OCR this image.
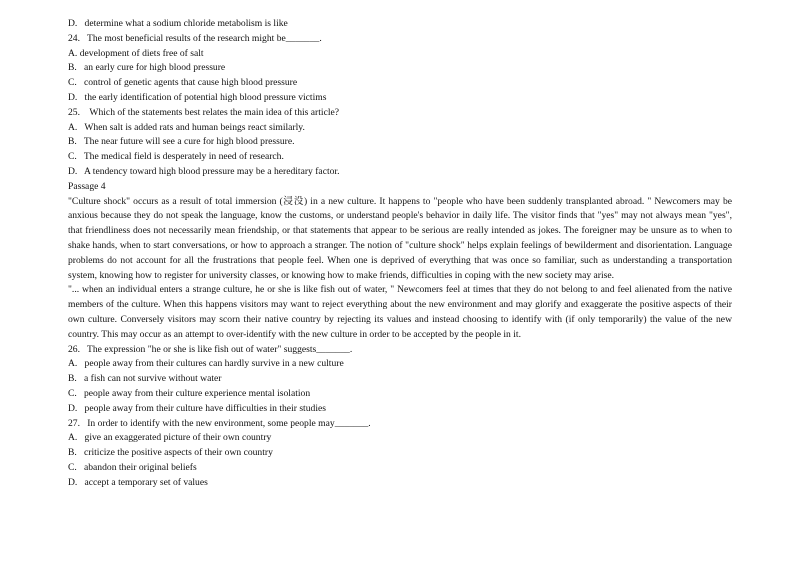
D.   determine what a sodium chloride metabolism is like
24.   The most beneficial results of the research might be_______.
A. development of diets free of salt
B.   an early cure for high blood pressure
C.   control of genetic agents that cause high blood pressure
D.   the early identification of potential high blood pressure victims
25.    Which of the statements best relates the main idea of this article?
A.   When salt is added rats and human beings react similarly.
B.   The near future will see a cure for high blood pressure.
C.   The medical field is desperately in need of research.
D.   A tendency toward high blood pressure may be a hereditary factor.
Passage 4
"Culture shock" occurs as a result of total immersion (浸没) in a new culture. It happens to "people who have been suddenly transplanted abroad. " Newcomers may be anxious because they do not speak the language, know the customs, or understand people's behavior in daily life. The visitor finds that "yes" may not always mean "yes", that friendliness does not necessarily mean friendship, or that statements that appear to be serious are really intended as jokes. The foreigner may be unsure as to when to shake hands, when to start conversations, or how to approach a stranger. The notion of "culture shock" helps explain feelings of bewilderment and disorientation. Language problems do not account for all the frustrations that people feel. When one is deprived of everything that was once so familiar, such as understanding a transportation system, knowing how to register for university classes, or knowing how to make friends, difficulties in coping with the new society may arise.
"... when an individual enters a strange culture, he or she is like fish out of water, " Newcomers feel at times that they do not belong to and feel alienated from the native members of the culture. When this happens visitors may want to reject everything about the new environment and may glorify and exaggerate the positive aspects of their own culture. Conversely visitors may scorn their native country by rejecting its values and instead choosing to identify with (if only temporarily) the value of the new country. This may occur as an attempt to over-identify with the new culture in order to be accepted by the people in it.
26.   The expression "he or she is like fish out of water" suggests_______.
A.   people away from their cultures can hardly survive in a new culture
B.   a fish can not survive without water
C.   people away from their culture experience mental isolation
D.   people away from their culture have difficulties in their studies
27.   In order to identify with the new environment, some people may_______.
A.   give an exaggerated picture of their own country
B.   criticize the positive aspects of their own country
C.   abandon their original beliefs
D.   accept a temporary set of values
